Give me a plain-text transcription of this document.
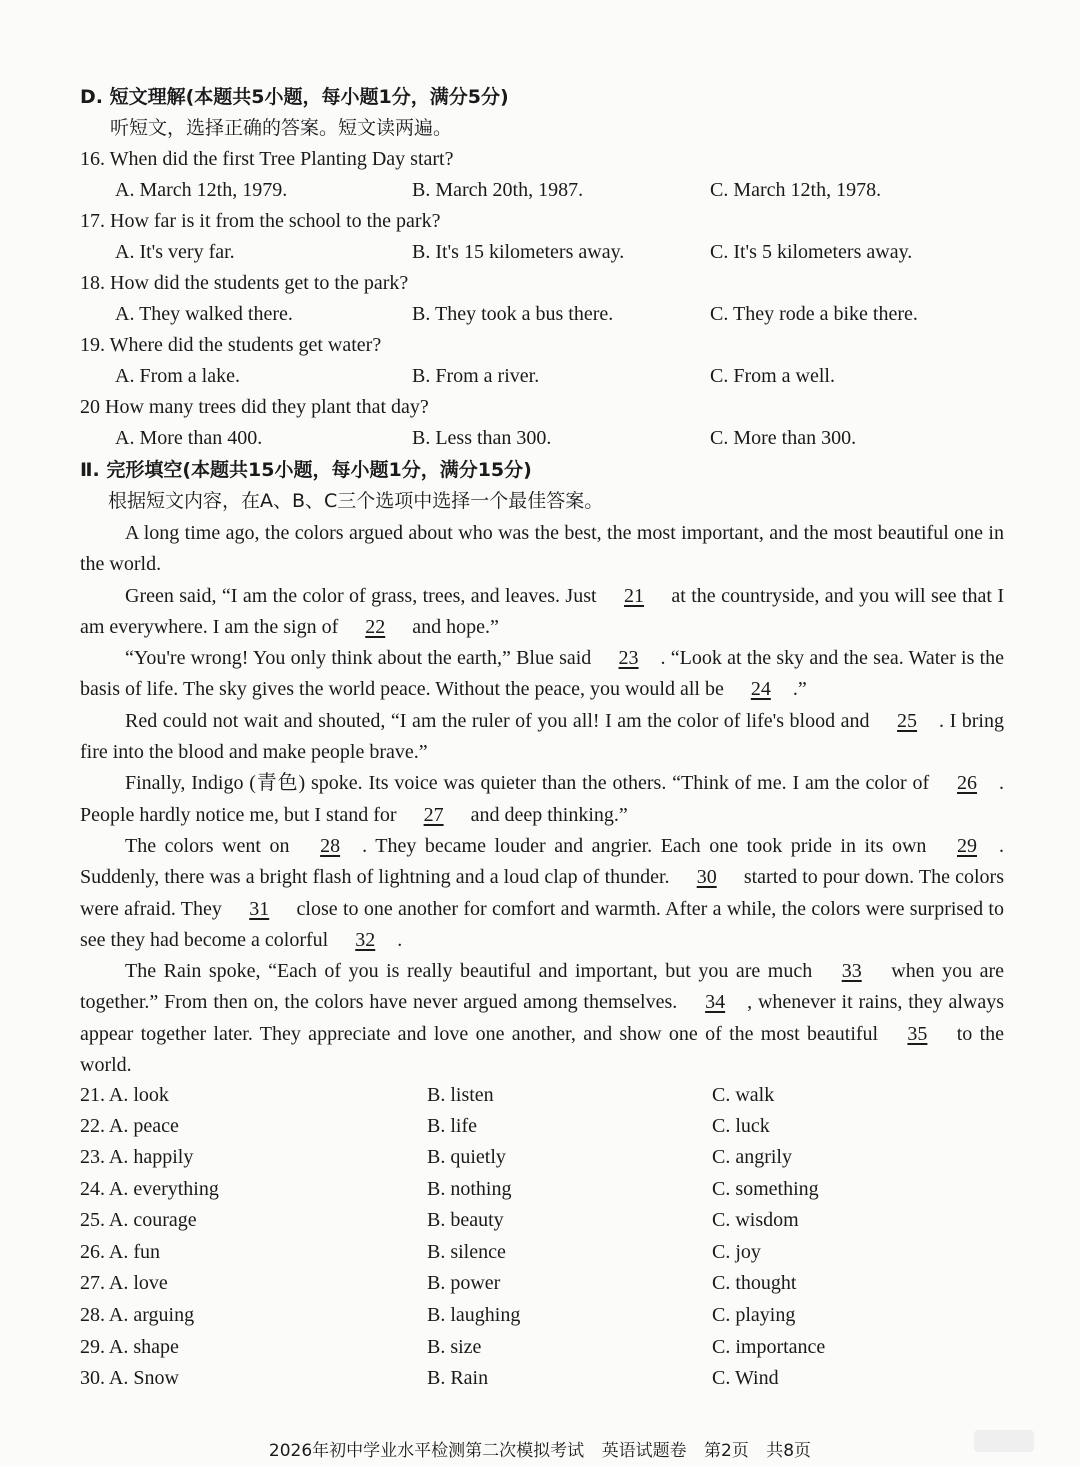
D. 短文理解(本题共5小题，每小题1分，满分5分)
听短文，选择正确的答案。短文读两遍。
16. When did the first Tree Planting Day start?
A. March 12th, 1979.	B. March 20th, 1987.	C. March 12th, 1978.
17. How far is it from the school to the park?
A. It's very far.	B. It's 15 kilometers away.	C. It's 5 kilometers away.
18. How did the students get to the park?
A. They walked there.	B. They took a bus there.	C. They rode a bike there.
19. Where did the students get water?
A. From a lake.	B. From a river.	C. From a well.
20 How many trees did they plant that day?
A. More than 400.	B. Less than 300.	C. More than 300.
Ⅱ. 完形填空(本题共15小题，每小题1分，满分15分)
根据短文内容，在A、B、C三个选项中选择一个最佳答案。

A long time ago, the colors argued about who was the best, the most important, and the most beautiful one in the world.

Green said, “I am the color of grass, trees, and leaves. Just 21 at the countryside, and you will see that I am everywhere. I am the sign of 22 and hope.”

“You're wrong! You only think about the earth,” Blue said 23 . “Look at the sky and the sea. Water is the basis of life. The sky gives the world peace. Without the peace, you would all be 24 .”

Red could not wait and shouted, “I am the ruler of you all! I am the color of life's blood and 25 . I bring fire into the blood and make people brave.”

Finally, Indigo (青色) spoke. Its voice was quieter than the others. “Think of me. I am the color of 26 . People hardly notice me, but I stand for 27 and deep thinking.”

The colors went on 28 . They became louder and angrier. Each one took pride in its own 29 . Suddenly, there was a bright flash of lightning and a loud clap of thunder. 30 started to pour down. The colors were afraid. They 31 close to one another for comfort and warmth. After a while, the colors were surprised to see they had become a colorful 32 .

The Rain spoke, “Each of you is really beautiful and important, but you are much 33 when you are together.” From then on, the colors have never argued among themselves. 34 , whenever it rains, they always appear together later. They appreciate and love one another, and show one of the most beautiful 35 to the world.

21. A. look	B. listen	C. walk
22. A. peace	B. life	C. luck
23. A. happily	B. quietly	C. angrily
24. A. everything	B. nothing	C. something
25. A. courage	B. beauty	C. wisdom
26. A. fun	B. silence	C. joy
27. A. love	B. power	C. thought
28. A. arguing	B. laughing	C. playing
29. A. shape	B. size	C. importance
30. A. Snow	B. Rain	C. Wind
2026年初中学业水平检测第二次模拟考试 英语试题卷 第2页 共8页
